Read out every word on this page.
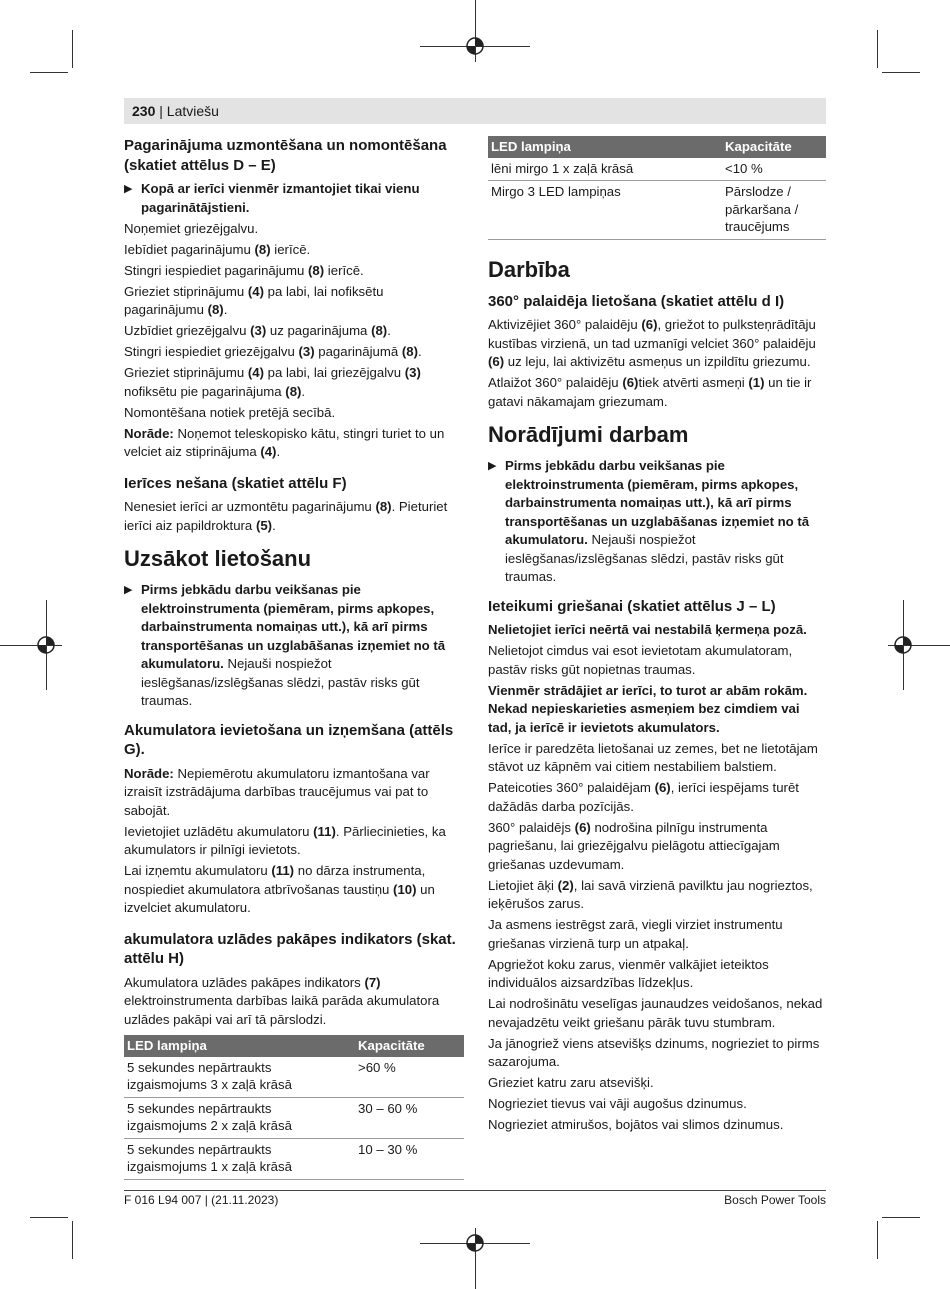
230 | Latviešu
Pagarinājuma uzmontēšana un nomontēšana (skatiet attēlus D – E)

▶ Kopā ar ierīci vienmēr izmantojiet tikai vienu pagarinātājstieni.

Noņemiet griezējgalvu.

Iebīdiet pagarinājumu (8) ierīcē.

Stingri iespiediet pagarinājumu (8) ierīcē.

Grieziet stiprinājumu (4) pa labi, lai nofiksētu pagarinājumu (8).

Uzbīdiet griezējgalvu (3) uz pagarinājuma (8).

Stingri iespiediet griezējgalvu (3) pagarinājumā (8).

Grieziet stiprinājumu (4) pa labi, lai griezējgalvu (3) nofiksētu pie pagarinājuma (8).

Nomontēšana notiek pretējā secībā.

Norāde: Noņemot teleskopisko kātu, stingri turiet to un velciet aiz stiprinājuma (4).

Ierīces nešana (skatiet attēlu F)

Nenesiet ierīci ar uzmontētu pagarinājumu (8). Pieturiet ierīci aiz papildroktura (5).

Uzsākot lietošanu

▶ Pirms jebkādu darbu veikšanas pie elektroinstrumenta (piemēram, pirms apkopes, darbainstrumenta nomaiņas utt.), kā arī pirms transportēšanas un uzglabāšanas izņemiet no tā akumulatoru. Nejauši nospiežot ieslēgšanas/izslēgšanas slēdzi, pastāv risks gūt traumas.

Akumulatora ievietošana un izņemšana (attēls G).

Norāde: Nepiemērotu akumulatoru izmantošana var izraisīt izstrādājuma darbības traucējumus vai pat to sabojāt.

Ievietojiet uzlādētu akumulatoru (11). Pārliecinieties, ka akumulators ir pilnīgi ievietots.

Lai izņemtu akumulatoru (11) no dārza instrumenta, nospiediet akumulatora atbrīvošanas taustiņu (10) un izvelciet akumulatoru.

akumulatora uzlādes pakāpes indikators (skat. attēlu H)

Akumulatora uzlādes pakāpes indikators (7) elektroinstrumenta darbības laikā parāda akumulatora uzlādes pakāpi vai arī tā pārslodzi.

LED lampiņa	Kapacitāte
5 sekundes nepārtraukts izgaismojums 3 x zaļā krāsā	>60 %
5 sekundes nepārtraukts izgaismojums 2 x zaļā krāsā	30 – 60 %
5 sekundes nepārtraukts izgaismojums 1 x zaļā krāsā	10 – 30 %
LED lampiņa	Kapacitāte
lēni mirgo 1 x zaļā krāsā	<10 %
Mirgo 3 LED lampiņas	Pārslodze / pārkaršana / traucējums
Darbība
360° palaidēja lietošana (skatiet attēlu d I)

Aktivizējiet 360° palaidēju (6), griežot to pulksteņrādītāju kustības virzienā, un tad uzmanīgi velciet 360° palaidēju (6) uz leju, lai aktivizētu asmeņus un izpildītu griezumu.

Atlaižot 360° palaidēju (6)tiek atvērti asmeņi (1) un tie ir gatavi nākamajam griezumam.

Norādījumi darbam

▶ Pirms jebkādu darbu veikšanas pie elektroinstrumenta (piemēram, pirms apkopes, darbainstrumenta nomaiņas utt.), kā arī pirms transportēšanas un uzglabāšanas izņemiet no tā akumulatoru. Nejauši nospiežot ieslēgšanas/izslēgšanas slēdzi, pastāv risks gūt traumas.

Ieteikumi griešanai (skatiet attēlus J – L)

Nelietojiet ierīci neērtā vai nestabilā ķermeņa pozā.

Nelietojot cimdus vai esot ievietotam akumulatoram, pastāv risks gūt nopietnas traumas.

Vienmēr strādājiet ar ierīci, to turot ar abām rokām. Nekad nepieskarieties asmeņiem bez cimdiem vai tad, ja ierīcē ir ievietots akumulators.

Ierīce ir paredzēta lietošanai uz zemes, bet ne lietotājam stāvot uz kāpnēm vai citiem nestabiliem balstiem.

Pateicoties 360° palaidējam (6), ierīci iespējams turēt dažādās darba pozīcijās.

360° palaidējs (6) nodrošina pilnīgu instrumenta pagriešanu, lai griezējgalvu pielāgotu attiecīgajam griešanas uzdevumam.

Lietojiet āķi (2), lai savā virzienā pavilktu jau nogrieztos, ieķērušos zarus.

Ja asmens iestrēgst zarā, viegli virziet instrumentu griešanas virzienā turp un atpakaļ.

Apgriežot koku zarus, vienmēr valkājiet ieteiktos individuālos aizsardzības līdzekļus.

Lai nodrošinātu veselīgas jaunaudzes veidošanos, nekad nevajadzētu veikt griešanu pārāk tuvu stumbram.

Ja jānogriež viens atsevišķs dzinums, nogrieziet to pirms sazarojuma.

Grieziet katru zaru atsevišķi.

Nogrieziet tievus vai vāji augošus dzinumus.

Nogrieziet atmirušos, bojātos vai slimos dzinumus.

F 016 L94 007 | (21.11.2023)	Bosch Power Tools
